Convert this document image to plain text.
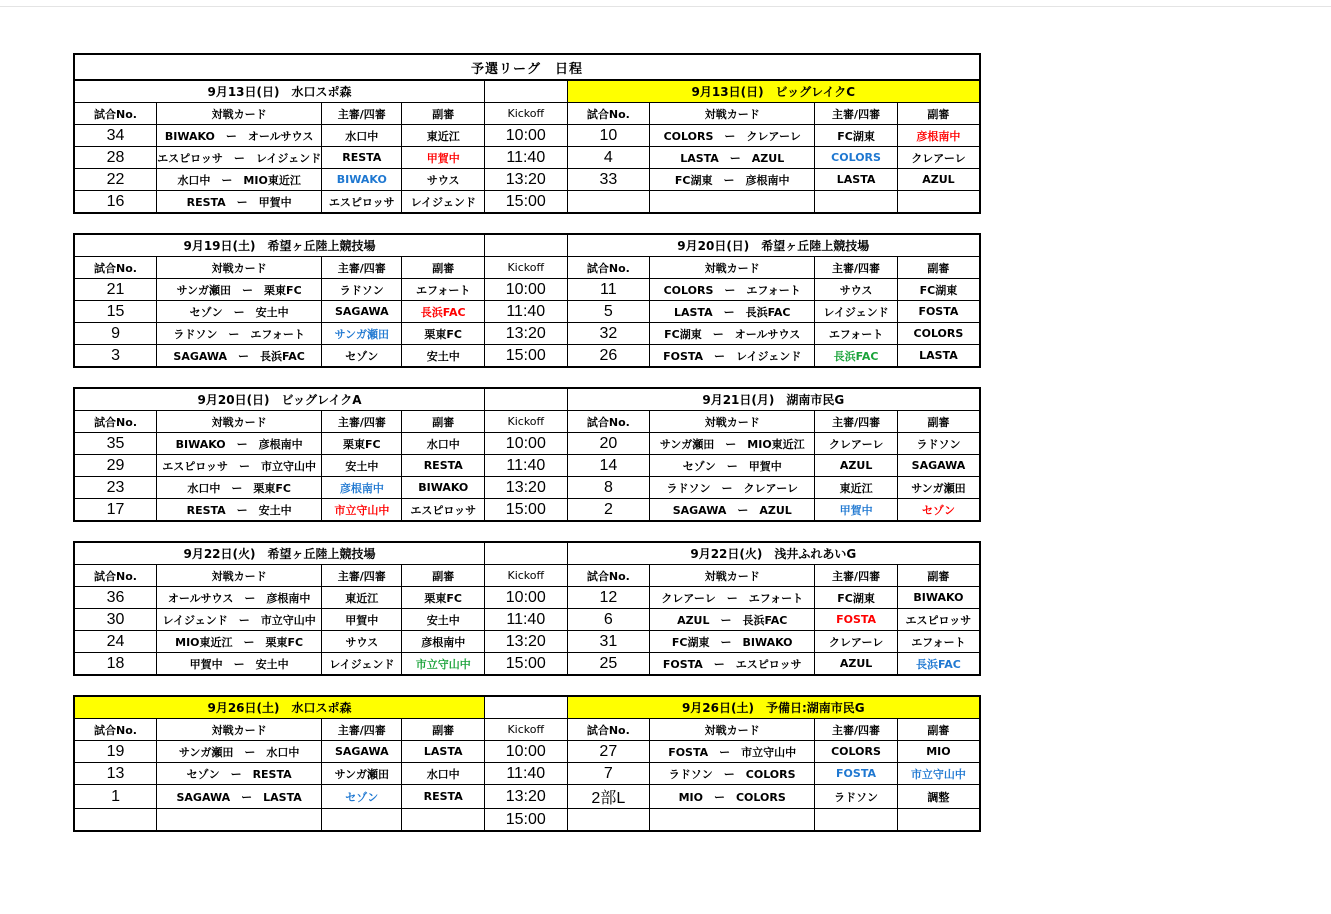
予選リーグ　日程
9月13日(日)　水口スポ森					9月13日(日)　ビッグレイクC			
試合No.	対戦カード	主審/四審	副審	Kickoff	試合No.	対戦カード	主審/四審	副審
34	BIWAKO　ー　オールサウス	水口中	東近江	10:00	10	COLORS　ー　クレアーレ	FC湖東	彦根南中
28	エスピロッサ　ー　レイジェンド	RESTA	甲賀中	11:40	4	LASTA　ー　AZUL	COLORS	クレアーレ
22	水口中　ー　MIO東近江	BIWAKO	サウス	13:20	33	FC湖東　ー　彦根南中	LASTA	AZUL
16	RESTA　ー　甲賀中	エスピロッサ	レイジェンド	15:00				
9月19日(土)　希望ヶ丘陸上競技場					9月20日(日)　希望ヶ丘陸上競技場			
試合No.	対戦カード	主審/四審	副審	Kickoff	試合No.	対戦カード	主審/四審	副審
21	サンガ瀬田　ー　栗東FC	ラドソン	エフォート	10:00	11	COLORS　ー　エフォート	サウス	FC湖東
15	セゾン　ー　安土中	SAGAWA	長浜FAC	11:40	5	LASTA　ー　長浜FAC	レイジェンド	FOSTA
9	ラドソン　ー　エフォート	サンガ瀬田	栗東FC	13:20	32	FC湖東　ー　オールサウス	エフォート	COLORS
3	SAGAWA　ー　長浜FAC	セゾン	安土中	15:00	26	FOSTA　ー　レイジェンド	長浜FAC	LASTA
9月20日(日)　ビッグレイクA					9月21日(月)　湖南市民G			
試合No.	対戦カード	主審/四審	副審	Kickoff	試合No.	対戦カード	主審/四審	副審
35	BIWAKO　ー　彦根南中	栗東FC	水口中	10:00	20	サンガ瀬田　ー　MIO東近江	クレアーレ	ラドソン
29	エスピロッサ　ー　市立守山中	安土中	RESTA	11:40	14	セゾン　ー　甲賀中	AZUL	SAGAWA
23	水口中　ー　栗東FC	彦根南中	BIWAKO	13:20	8	ラドソン　ー　クレアーレ	東近江	サンガ瀬田
17	RESTA　ー　安土中	市立守山中	エスピロッサ	15:00	2	SAGAWA　ー　AZUL	甲賀中	セゾン
9月22日(火)　希望ヶ丘陸上競技場					9月22日(火)　浅井ふれあいG			
試合No.	対戦カード	主審/四審	副審	Kickoff	試合No.	対戦カード	主審/四審	副審
36	オールサウス　ー　彦根南中	東近江	栗東FC	10:00	12	クレアーレ　ー　エフォート	FC湖東	BIWAKO
30	レイジェンド　ー　市立守山中	甲賀中	安土中	11:40	6	AZUL　ー　長浜FAC	FOSTA	エスピロッサ
24	MIO東近江　ー　栗東FC	サウス	彦根南中	13:20	31	FC湖東　ー　BIWAKO	クレアーレ	エフォート
18	甲賀中　ー　安土中	レイジェンド	市立守山中	15:00	25	FOSTA　ー　エスピロッサ	AZUL	長浜FAC
9月26日(土)　水口スポ森					9月26日(土)　予備日:湖南市民G			
試合No.	対戦カード	主審/四審	副審	Kickoff	試合No.	対戦カード	主審/四審	副審
19	サンガ瀬田　ー　水口中	SAGAWA	LASTA	10:00	27	FOSTA　ー　市立守山中	COLORS	MIO
13	セゾン　ー　RESTA	サンガ瀬田	水口中	11:40	7	ラドソン　ー　COLORS	FOSTA	市立守山中
1	SAGAWA　ー　LASTA	セゾン	RESTA	13:20	2部L	MIO　ー　COLORS	ラドソン	調整
				15:00				
